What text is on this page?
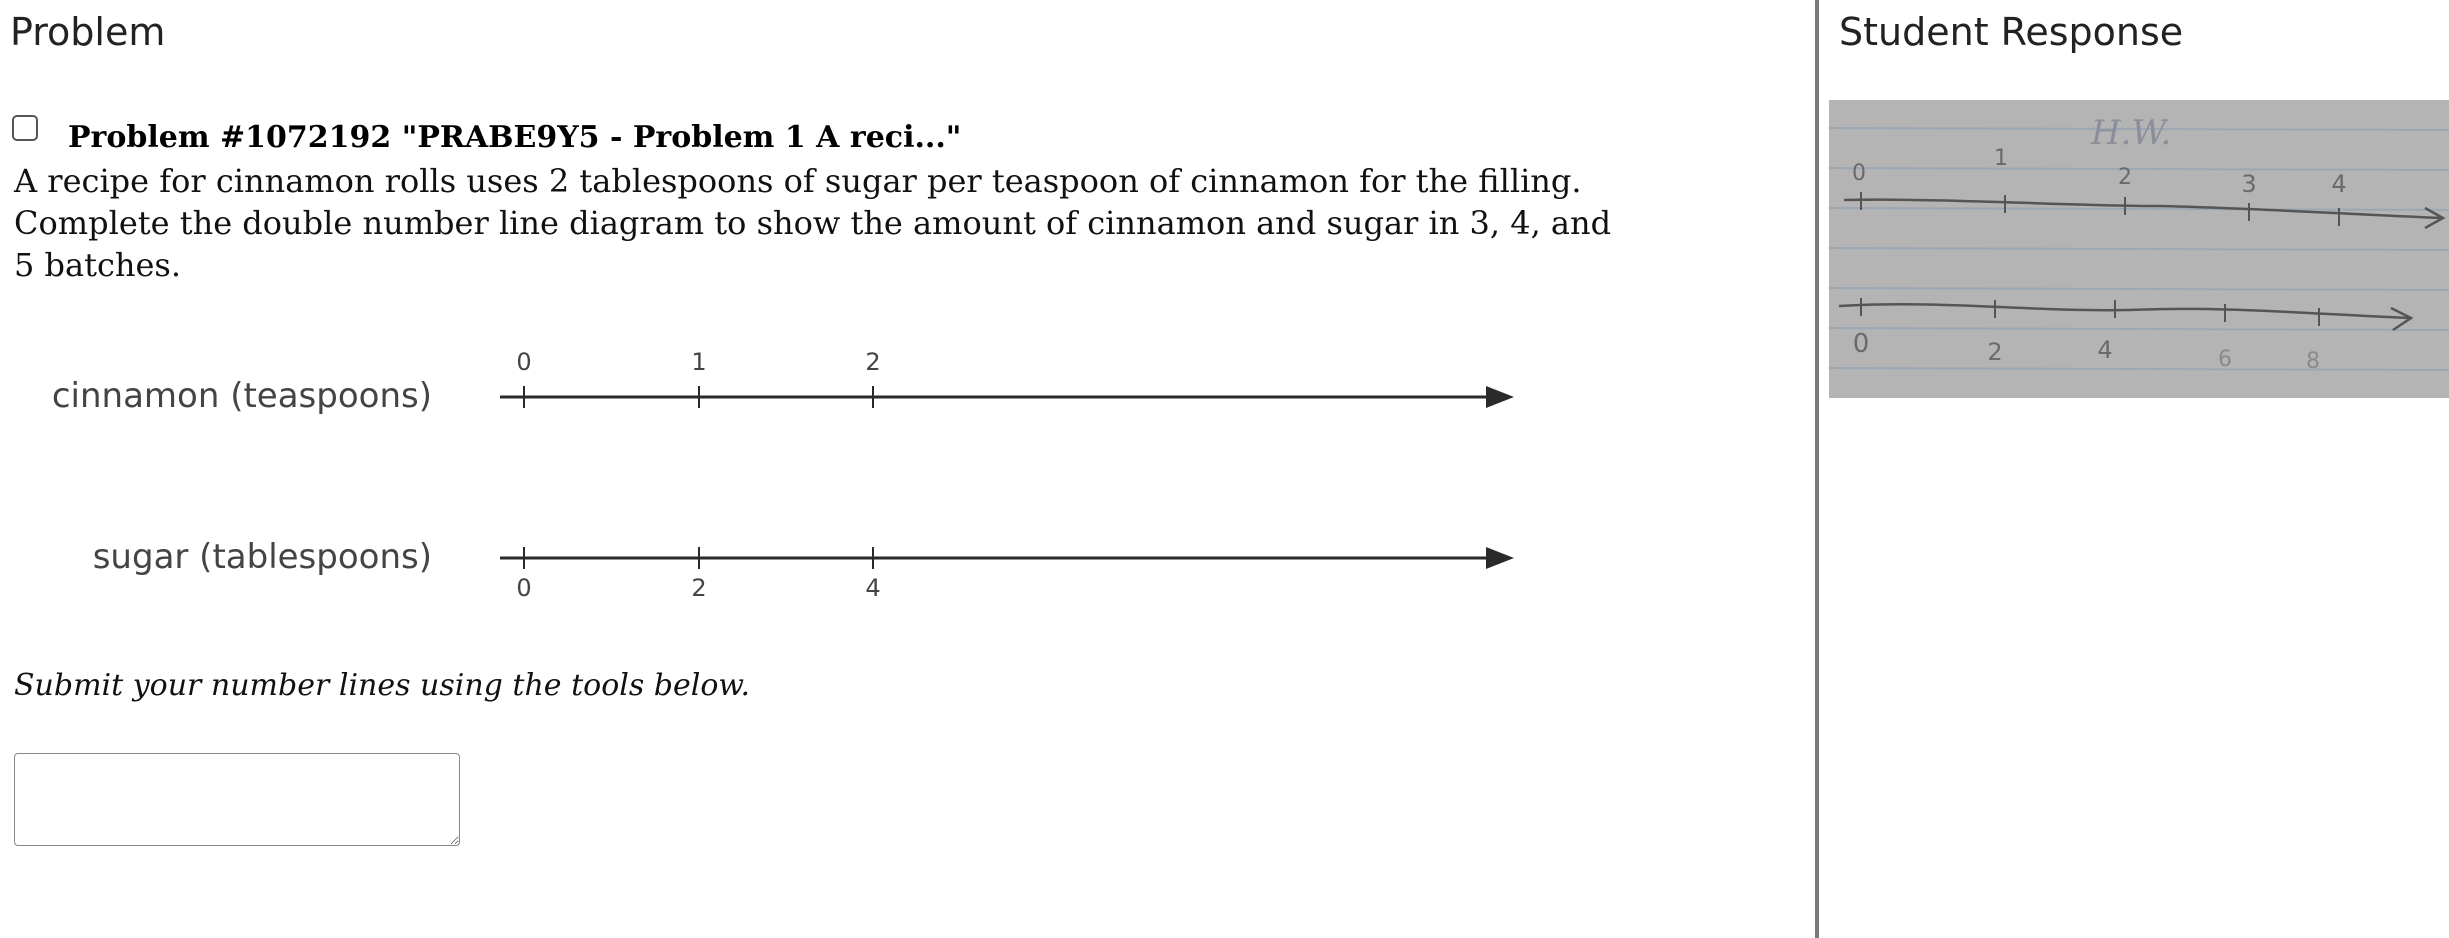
Problem
Problem #1072192 "PRABE9Y5 - Problem 1 A reci..."

A recipe for cinnamon rolls uses 2 tablespoons of sugar per teaspoon of cinnamon for the filling. Complete the double number line diagram to show the amount of cinnamon and sugar in 3, 4, and 5 batches.

cinnamon (teaspoons)
0	1	2
sugar (tablespoons)
0	2	4

Submit your number lines using the tools below.

Student Response
H.W.
0
1
2	3	4
0	2	4	6	8
